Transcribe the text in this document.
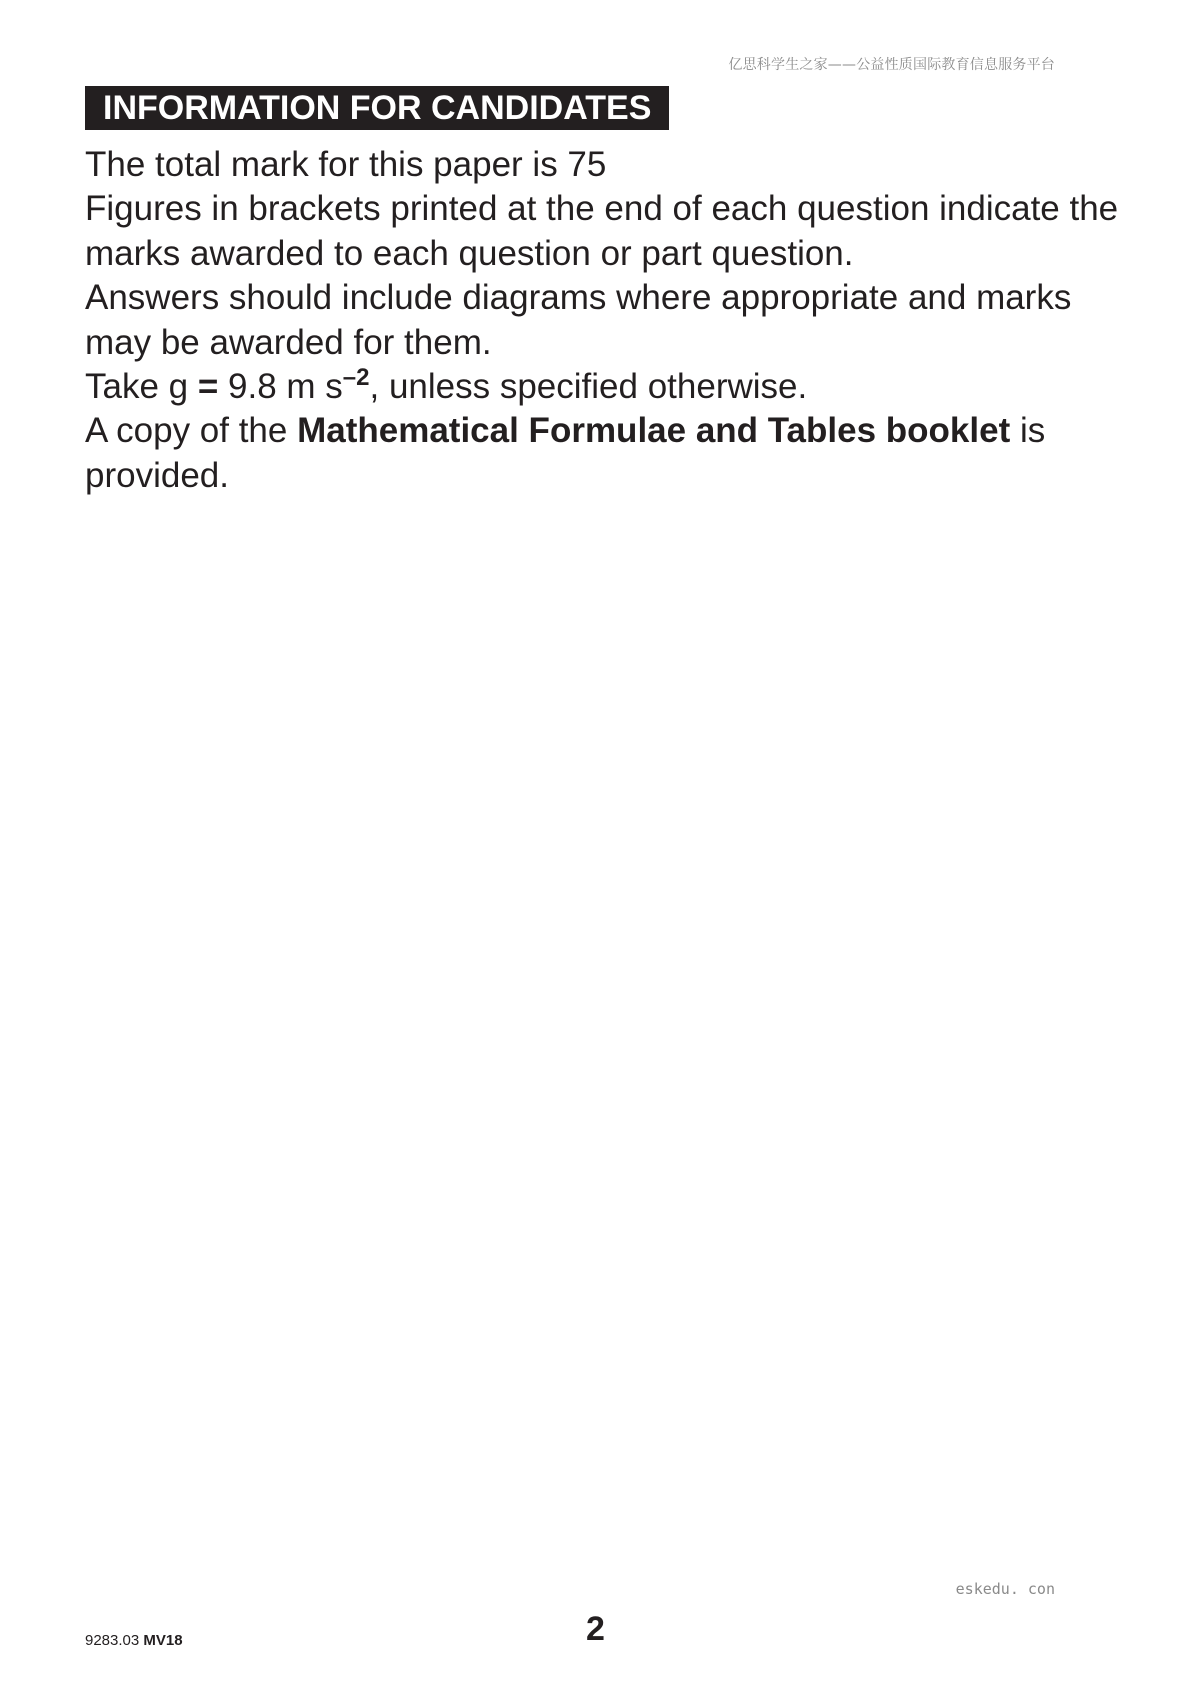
亿思科学生之家——公益性质国际教育信息服务平台
INFORMATION FOR CANDIDATES
The total mark for this paper is 75
Figures in brackets printed at the end of each question indicate the marks awarded to each question or part question.
Answers should include diagrams where appropriate and marks may be awarded for them.
Take g = 9.8 m $s^{-2}$, unless specified otherwise.
A copy of the Mathematical Formulae and Tables booklet is provided.
eskedu. con
9283.03 MV18	2
